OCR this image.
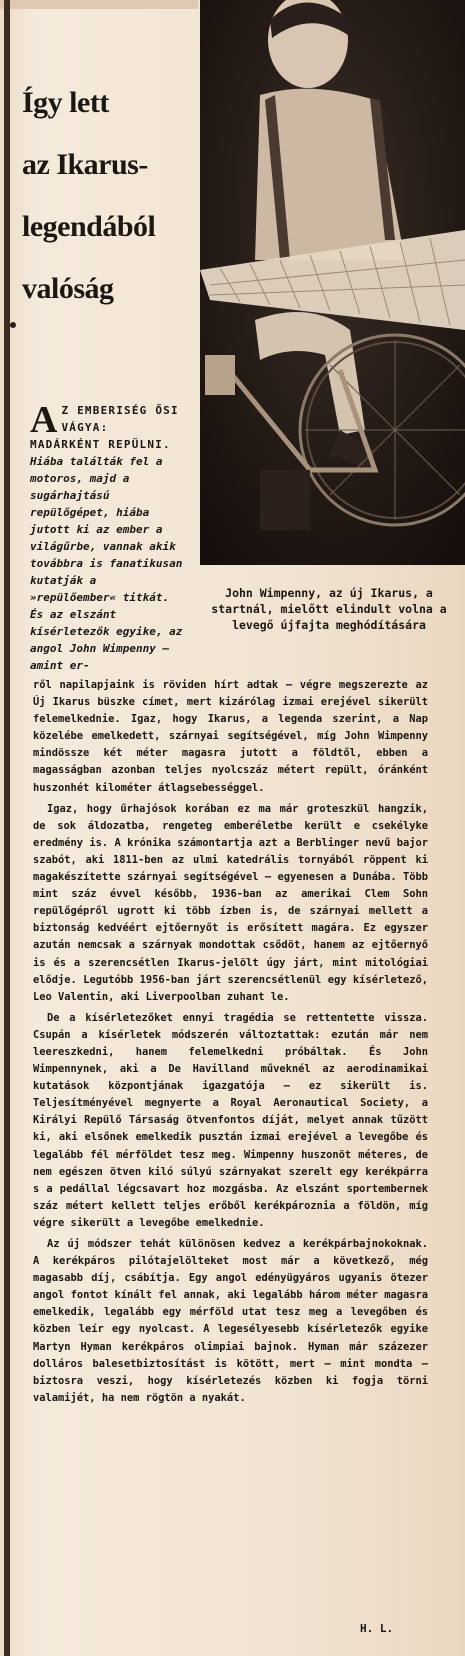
Így lett
az Ikarus-
legendából
valóság
John Wimpenny, az új Ikarus, a startnál, mielőtt elindult volna a levegő újfajta meghódítására
A Z EMBERISÉG ŐSI VÁGYA: MADÁRKÉNT REPÜLNI. Hiába találták fel a motoros, majd a sugárhajtású repülőgépet, hiába jutott ki az ember a világűrbe, vannak akik továbbra is fanatikusan kutatják a »repülőember« titkát. És az elszánt kísérletezők egyike, az angol John Wimpenny — amint er-

ről napilapjaink is röviden hírt adtak — végre megszerezte az Új Ikarus büszke címet, mert kizárólag izmai erejével sikerült felemelkednie. Igaz, hogy Ikarus, a legenda szerint, a Nap közelébe emelkedett, szárnyai segítségével, míg John Wimpenny mindössze két méter magasra jutott a földtől, ebben a magasságban azonban teljes nyolcszáz métert repült, óránként huszonhét kilométer átlagsebességgel.

Igaz, hogy űrhajósok korában ez ma már groteszkül hangzik, de sok áldozatba, rengeteg emberéletbe került e csekélyke eredmény is. A krónika számontartja azt a Berblinger nevű bajor szabót, aki 1811-ben az ulmi katedrális tornyából röppent ki magakészítette szárnyai segítségével — egyenesen a Dunába. Több mint száz évvel később, 1936-ban az amerikai Clem Sohn repülőgépről ugrott ki több ízben is, de szárnyai mellett a biztonság kedvéért ejtőernyőt is erősített magára. Ez egyszer azután nemcsak a szárnyak mondottak csődöt, hanem az ejtőernyő is és a szerencsétlen Ikarus-jelölt úgy járt, mint mitológiai elődje. Legutóbb 1956-ban járt szerencsétlenül egy kísérletező, Leo Valentin, aki Liverpoolban zuhant le.

De a kísérletezőket ennyi tragédia se rettentette vissza. Csupán a kísérletek módszerén változtattak: ezután már nem leereszkedni, hanem felemelkedni próbáltak. És John Wimpennynek, aki a De Havilland műveknél az aerodinamikai kutatások központjának igazgatója — ez sikerült is. Teljesítményével megnyerte a Royal Aeronautical Society, a Királyi Repülő Társaság ötvenfontos díját, melyet annak tűzött ki, aki elsőnek emelkedik pusztán izmai erejével a levegőbe és legalább fél mérföldet tesz meg. Wimpenny huszonöt méteres, de nem egészen ötven kiló súlyú szárnyakat szerelt egy kerékpárra s a pedállal légcsavart hoz mozgásba. Az elszánt sportembernek száz métert kellett teljes erőből kerékpároznia a földön, míg végre sikerült a levegőbe emelkednie.

Az új módszer tehát különösen kedvez a kerékpárbajnokoknak. A kerékpáros pilótajelölteket most már a következő, még magasabb díj, csábítja. Egy angol edényügyáros ugyanis ötezer angol fontot kínált fel annak, aki legalább három méter magasra emelkedik, legalább egy mérföld utat tesz meg a levegőben és közben leír egy nyolcast. A legesélyesebb kísérletezők egyike Martyn Hyman kerékpáros olimpiai bajnok. Hyman már százezer dolláros balesetbiztosítást is kötött, mert — mint mondta — biztosra veszi, hogy kísérletezés közben ki fogja törni valamijét, ha nem rögtön a nyakát.

H. L.
